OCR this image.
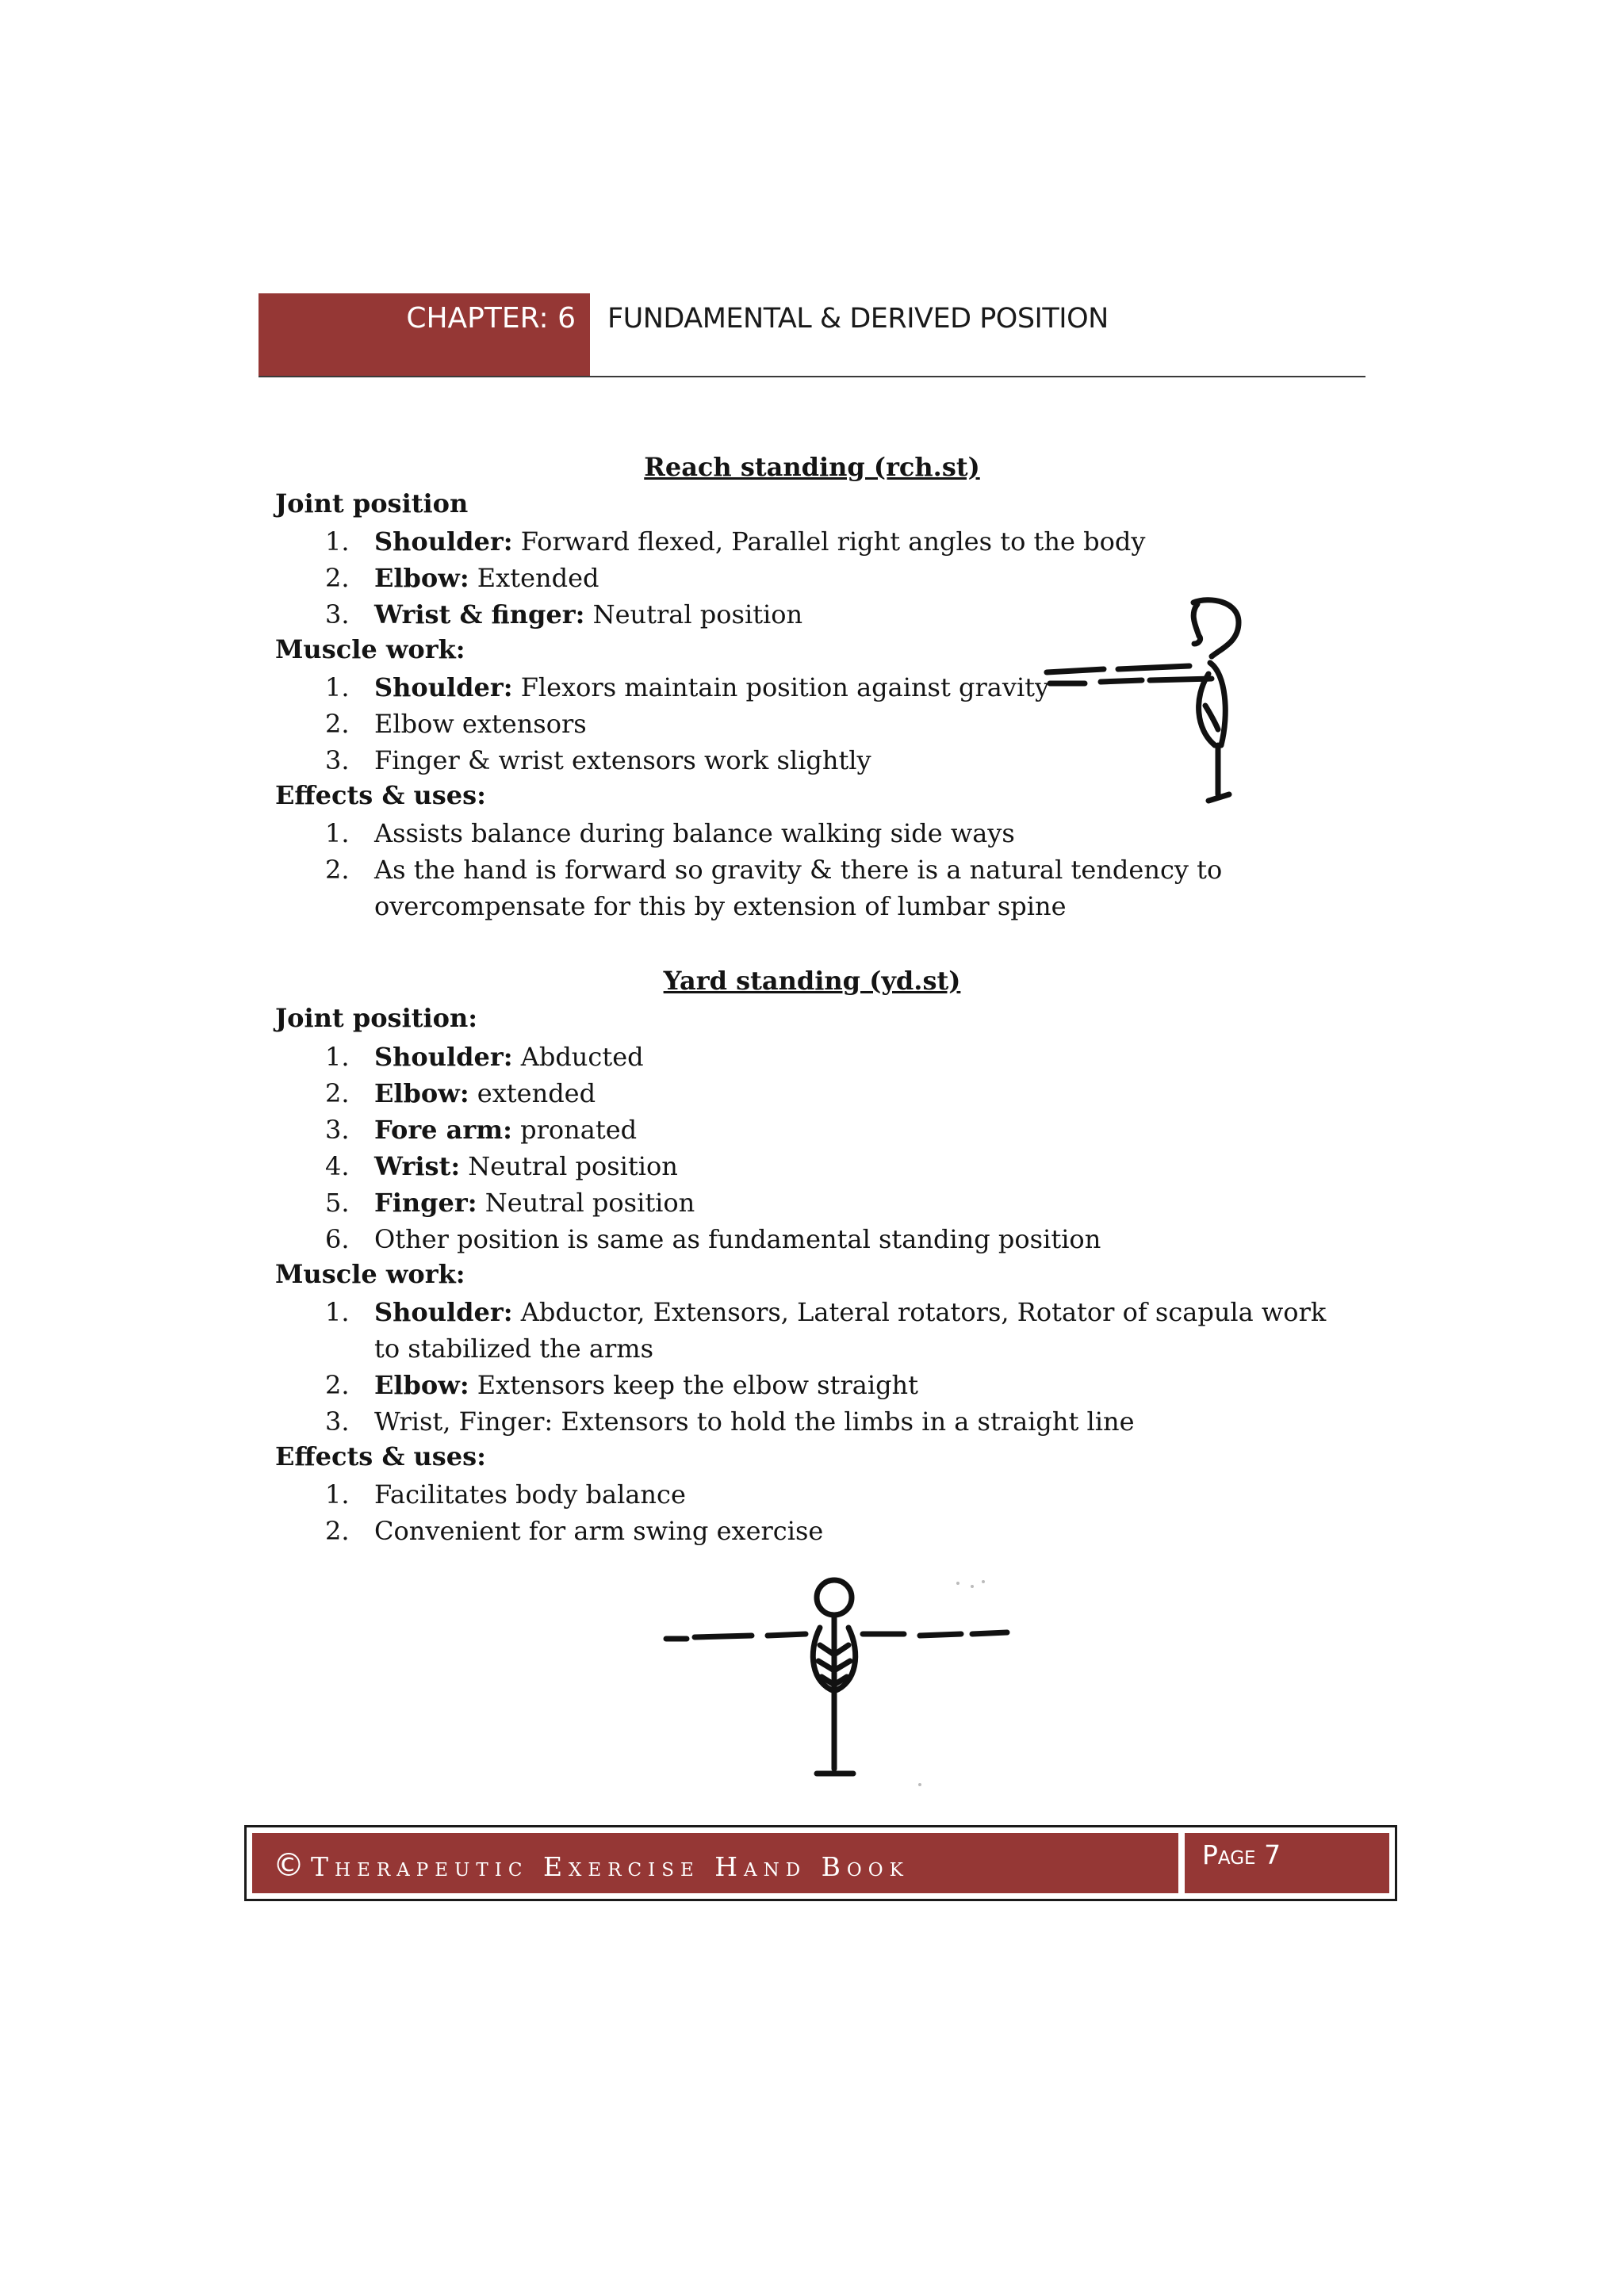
CHAPTER: 6	FUNDAMENTAL & DERIVED POSITION
Reach standing (rch.st)
Joint position
1. Shoulder: Forward flexed, Parallel right angles to the body
2. Elbow: Extended
3. Wrist & finger: Neutral position
Muscle work:
1. Shoulder: Flexors maintain position against gravity
2. Elbow extensors
3. Finger & wrist extensors work slightly
Effects & uses:
1. Assists balance during balance walking side ways
2. As the hand is forward so gravity & there is a natural tendency to overcompensate for this by extension of lumbar spine
Yard standing (yd.st)
Joint position:
1. Shoulder: Abducted
2. Elbow: extended
3. Fore arm: pronated
4. Wrist: Neutral position
5. Finger: Neutral position
6. Other position is same as fundamental standing position
Muscle work:
1. Shoulder: Abductor, Extensors, Lateral rotators, Rotator of scapula work to stabilized the arms
2. Elbow: Extensors keep the elbow straight
3. Wrist, Finger: Extensors to hold the limbs in a straight line
Effects & uses:
1. Facilitates body balance
2. Convenient for arm swing exercise
© Therapeutic Exercise Hand Book	Page 7
